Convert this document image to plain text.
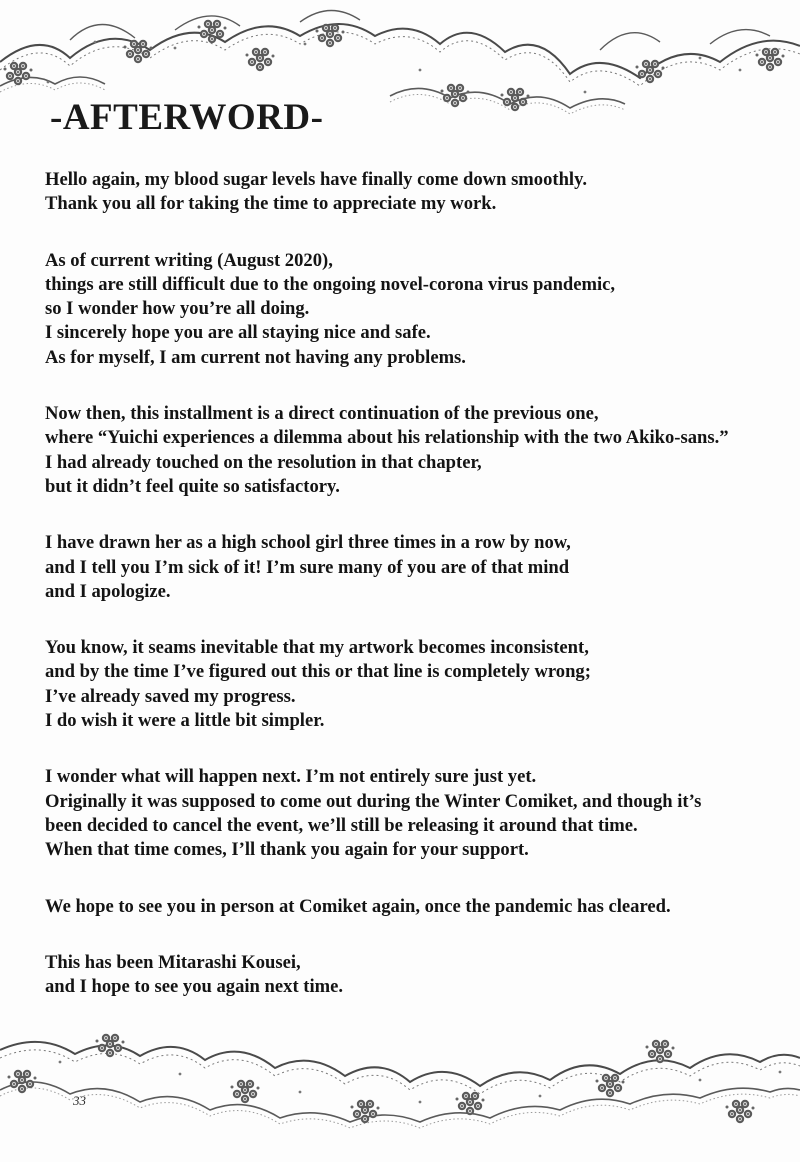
-AFTERWORD-
Hello again, my blood sugar levels have finally come down smoothly.
Thank you all for taking the time to appreciate my work.
As of current writing (August 2020),
things are still difficult due to the ongoing novel-corona virus pandemic,
so I wonder how you’re all doing.
I sincerely hope you are all staying nice and safe.
As for myself, I am current not having any problems.
Now then, this installment is a direct continuation of the previous one,
where “Yuichi experiences a dilemma about his relationship with the two Akiko-sans.”
I had already touched on the resolution in that chapter,
but it didn’t feel quite so satisfactory.
I have drawn her as a high school girl three times in a row by now,
and I tell you I’m sick of it! I’m sure many of you are of that mind
and I apologize.
You know, it seams inevitable that my artwork becomes inconsistent,
and by the time I’ve figured out this or that line is completely wrong;
I’ve already saved my progress.
I do wish it were a little bit simpler.
I wonder what will happen next. I’m not entirely sure just yet.
Originally it was supposed to come out during the Winter Comiket, and though it’s
been decided to cancel the event, we’ll still be releasing it around that time.
When that time comes, I’ll thank you again for your support.
We hope to see you in person at Comiket again, once the pandemic has cleared.
This has been Mitarashi Kousei,
and I hope to see you again next time.
33
